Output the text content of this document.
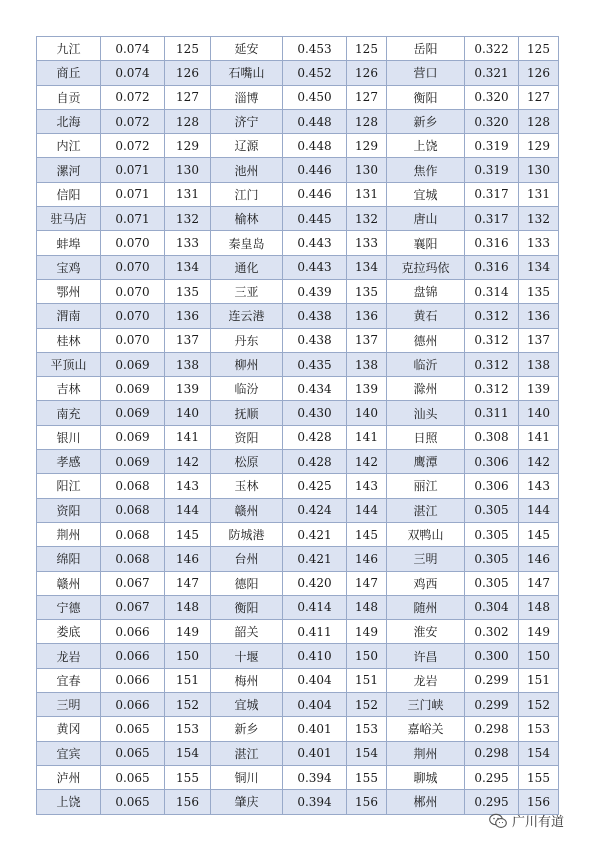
九江	0.074	125	延安	0.453	125	岳阳	0.322	125
商丘	0.074	126	石嘴山	0.452	126	营口	0.321	126
自贡	0.072	127	淄博	0.450	127	衡阳	0.320	127
北海	0.072	128	济宁	0.448	128	新乡	0.320	128
内江	0.072	129	辽源	0.448	129	上饶	0.319	129
漯河	0.071	130	池州	0.446	130	焦作	0.319	130
信阳	0.071	131	江门	0.446	131	宜城	0.317	131
驻马店	0.071	132	榆林	0.445	132	唐山	0.317	132
蚌埠	0.070	133	秦皇岛	0.443	133	襄阳	0.316	133
宝鸡	0.070	134	通化	0.443	134	克拉玛依	0.316	134
鄂州	0.070	135	三亚	0.439	135	盘锦	0.314	135
渭南	0.070	136	连云港	0.438	136	黄石	0.312	136
桂林	0.070	137	丹东	0.438	137	德州	0.312	137
平顶山	0.069	138	柳州	0.435	138	临沂	0.312	138
吉林	0.069	139	临汾	0.434	139	滁州	0.312	139
南充	0.069	140	抚顺	0.430	140	汕头	0.311	140
银川	0.069	141	资阳	0.428	141	日照	0.308	141
孝感	0.069	142	松原	0.428	142	鹰潭	0.306	142
阳江	0.068	143	玉林	0.425	143	丽江	0.306	143
资阳	0.068	144	赣州	0.424	144	湛江	0.305	144
荆州	0.068	145	防城港	0.421	145	双鸭山	0.305	145
绵阳	0.068	146	台州	0.421	146	三明	0.305	146
赣州	0.067	147	德阳	0.420	147	鸡西	0.305	147
宁德	0.067	148	衡阳	0.414	148	随州	0.304	148
娄底	0.066	149	韶关	0.411	149	淮安	0.302	149
龙岩	0.066	150	十堰	0.410	150	许昌	0.300	150
宜春	0.066	151	梅州	0.404	151	龙岩	0.299	151
三明	0.066	152	宜城	0.404	152	三门峡	0.299	152
黄冈	0.065	153	新乡	0.401	153	嘉峪关	0.298	153
宜宾	0.065	154	湛江	0.401	154	荆州	0.298	154
泸州	0.065	155	铜川	0.394	155	聊城	0.295	155
上饶	0.065	156	肇庆	0.394	156	郴州	0.295	156
广川有道
